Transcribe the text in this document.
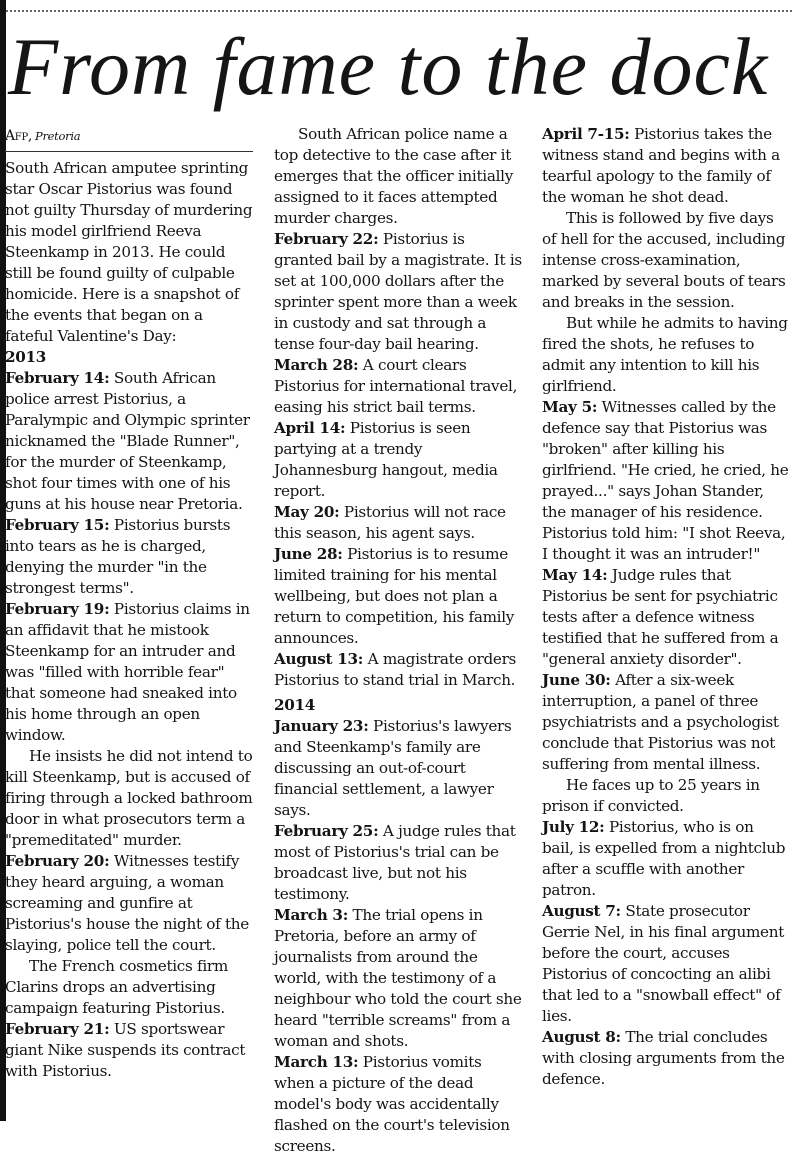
From fame to the dock

Afp, Pretoria

South African amputee sprinting star Oscar Pistorius was found not guilty Thursday of murdering his model girlfriend Reeva Steenkamp in 2013. He could still be found guilty of culpable homicide. Here is a snapshot of the events that began on a fateful Valentine's Day:

2013

February 14: South African police arrest Pistorius, a Paralympic and Olympic sprinter nicknamed the "Blade Runner", for the murder of Steenkamp, shot four times with one of his guns at his house near Pretoria.

February 15: Pistorius bursts into tears as he is charged, denying the murder "in the strongest terms".

February 19: Pistorius claims in an affidavit that he mistook Steenkamp for an intruder and was "filled with horrible fear" that someone had sneaked into his home through an open window.

He insists he did not intend to kill Steenkamp, but is accused of firing through a locked bathroom door in what prosecutors term a "premeditated" murder.

February 20: Witnesses testify they heard arguing, a woman screaming and gunfire at Pistorius's house the night of the slaying, police tell the court.

The French cosmetics firm Clarins drops an advertising campaign featuring Pistorius.

February 21: US sportswear giant Nike suspends its contract with Pistorius.

South African police name a top detective to the case after it emerges that the officer initially assigned to it faces attempted murder charges.

February 22: Pistorius is granted bail by a magistrate. It is set at 100,000 dollars after the sprinter spent more than a week in custody and sat through a tense four-day bail hearing.

March 28: A court clears Pistorius for international travel, easing his strict bail terms.

April 14: Pistorius is seen partying at a trendy Johannesburg hangout, media report.

May 20: Pistorius will not race this season, his agent says.

June 28: Pistorius is to resume limited training for his mental wellbeing, but does not plan a return to competition, his family announces.

August 13: A magistrate orders Pistorius to stand trial in March.

2014

January 23: Pistorius's lawyers and Steenkamp's family are discussing an out-of-court financial settlement, a lawyer says.

February 25: A judge rules that most of Pistorius's trial can be broadcast live, but not his testimony.

March 3: The trial opens in Pretoria, before an army of journalists from around the world, with the testimony of a neighbour who told the court she heard "terrible screams" from a woman and shots.

March 13: Pistorius vomits when a picture of the dead model's body was accidentally flashed on the court's television screens.

April 7-15: Pistorius takes the witness stand and begins with a tearful apology to the family of the woman he shot dead.

This is followed by five days of hell for the accused, including intense cross-examination, marked by several bouts of tears and breaks in the session.

But while he admits to having fired the shots, he refuses to admit any intention to kill his girlfriend.

May 5: Witnesses called by the defence say that Pistorius was "broken" after killing his girlfriend. "He cried, he cried, he prayed..." says Johan Stander, the manager of his residence. Pistorius told him: "I shot Reeva, I thought it was an intruder!"

May 14: Judge rules that Pistorius be sent for psychiatric tests after a defence witness testified that he suffered from a "general anxiety disorder".

June 30: After a six-week interruption, a panel of three psychiatrists and a psychologist conclude that Pistorius was not suffering from mental illness.

He faces up to 25 years in prison if convicted.

July 12: Pistorius, who is on bail, is expelled from a nightclub after a scuffle with another patron.

August 7: State prosecutor Gerrie Nel, in his final argument before the court, accuses Pistorius of concocting an alibi that led to a "snowball effect" of lies.

August 8: The trial concludes with closing arguments from the defence.
